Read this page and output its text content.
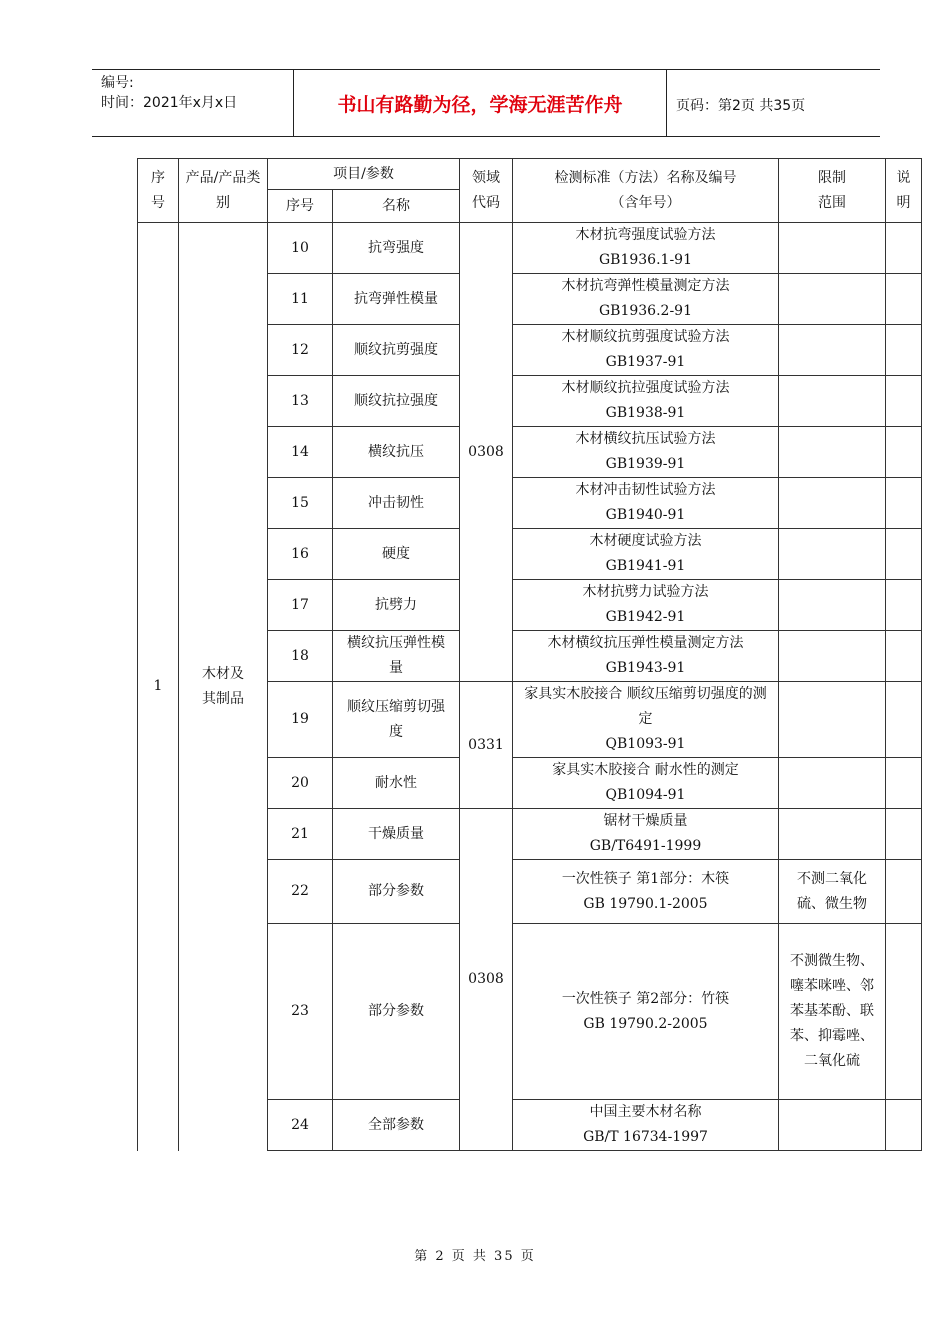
编号:
时间：2021年x月x日	书山有路勤为径，学海无涯苦作舟	页码：第2页 共35页
序号	产品/产品类别	项目/参数		领域代码	检测标准（方法）名称及编号（含年号）	限制范围	说明
		序号	名称				
1	木材及其制品	10	抗弯强度	0308	木材抗弯强度试验方法
GB1936.1-91		

		11	抗弯弹性模量		木材抗弯弹性模量测定方法
GB1936.2-91		

		12	顺纹抗剪强度		木材顺纹抗剪强度试验方法
GB1937-91		

		13	顺纹抗拉强度		木材顺纹抗拉强度试验方法
GB1938-91		

		14	横纹抗压		木材横纹抗压试验方法
GB1939-91		

		15	冲击韧性		木材冲击韧性试验方法
GB1940-91		

		16	硬度		木材硬度试验方法
GB1941-91		

		17	抗劈力		木材抗劈力试验方法
GB1942-91		

		18	横纹抗压弹性模量		木材横纹抗压弹性模量测定方法
GB1943-91		

		19	顺纹压缩剪切强度	0331	家具实木胶接合 顺纹压缩剪切强度的测定
QB1093-91		

		20	耐水性		家具实木胶接合 耐水性的测定
QB1094-91		

		21	干燥质量	0308	锯材干燥质量
GB/T6491-1999		

		22	部分参数		一次性筷子 第1部分：木筷
GB 19790.1-2005	不测二氧化硫、微生物	
		23	部分参数		一次性筷子 第2部分：竹筷
GB 19790.2-2005	不测微生物、噻苯咪唑、邻苯基苯酚、联苯、抑霉唑、二氧化硫	
		24	全部参数		中国主要木材名称
GB/T 16734-1997		

第 2 页 共 35 页
